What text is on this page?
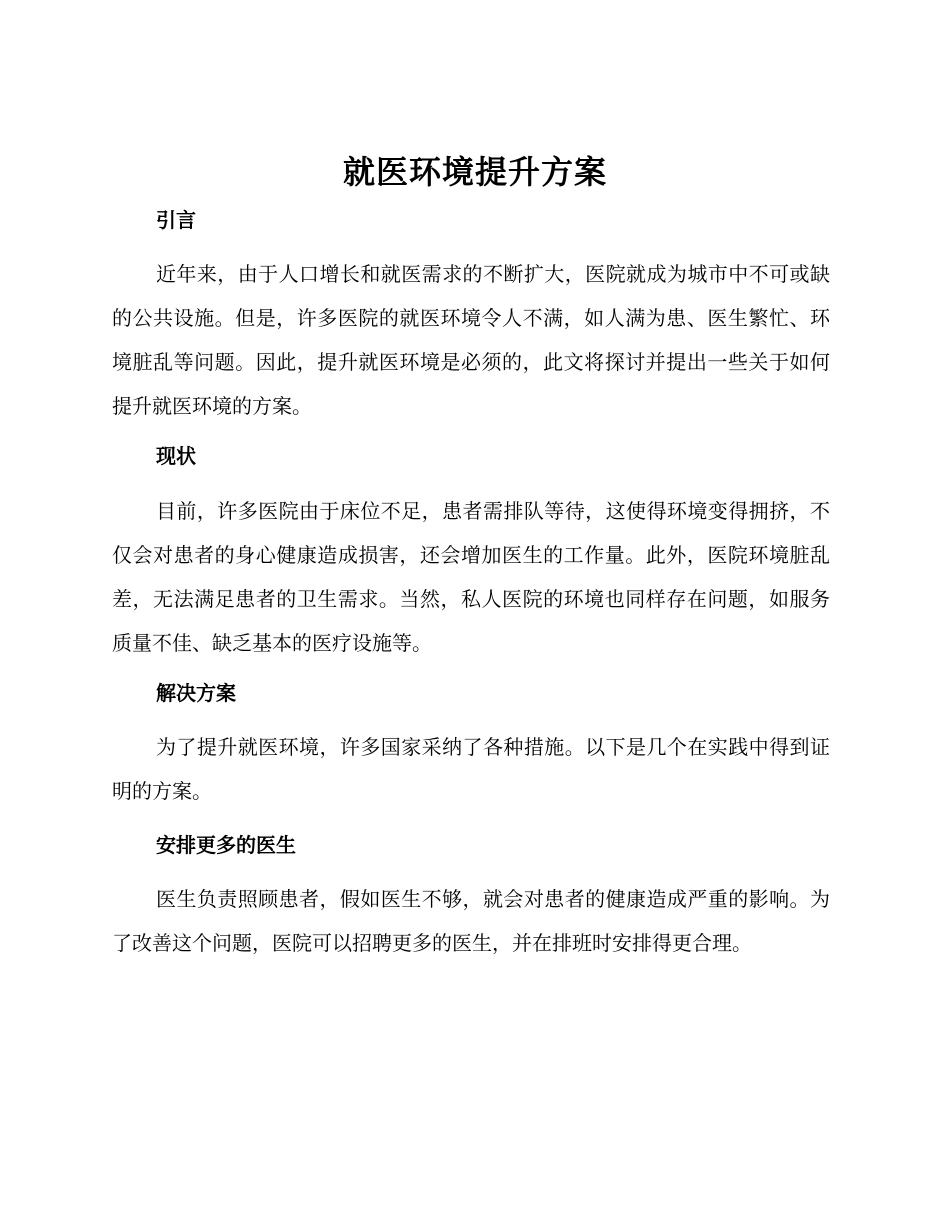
就医环境提升方案
引言
近年来，由于人口增长和就医需求的不断扩大，医院就成为城市中不可或缺的公共设施。但是，许多医院的就医环境令人不满，如人满为患、医生繁忙、环境脏乱等问题。因此，提升就医环境是必须的，此文将探讨并提出一些关于如何提升就医环境的方案。
现状
目前，许多医院由于床位不足，患者需排队等待，这使得环境变得拥挤，不仅会对患者的身心健康造成损害，还会增加医生的工作量。此外，医院环境脏乱差，无法满足患者的卫生需求。当然，私人医院的环境也同样存在问题，如服务质量不佳、缺乏基本的医疗设施等。
解决方案
为了提升就医环境，许多国家采纳了各种措施。以下是几个在实践中得到证明的方案。
安排更多的医生
医生负责照顾患者，假如医生不够，就会对患者的健康造成严重的影响。为了改善这个问题，医院可以招聘更多的医生，并在排班时安排得更合理。
